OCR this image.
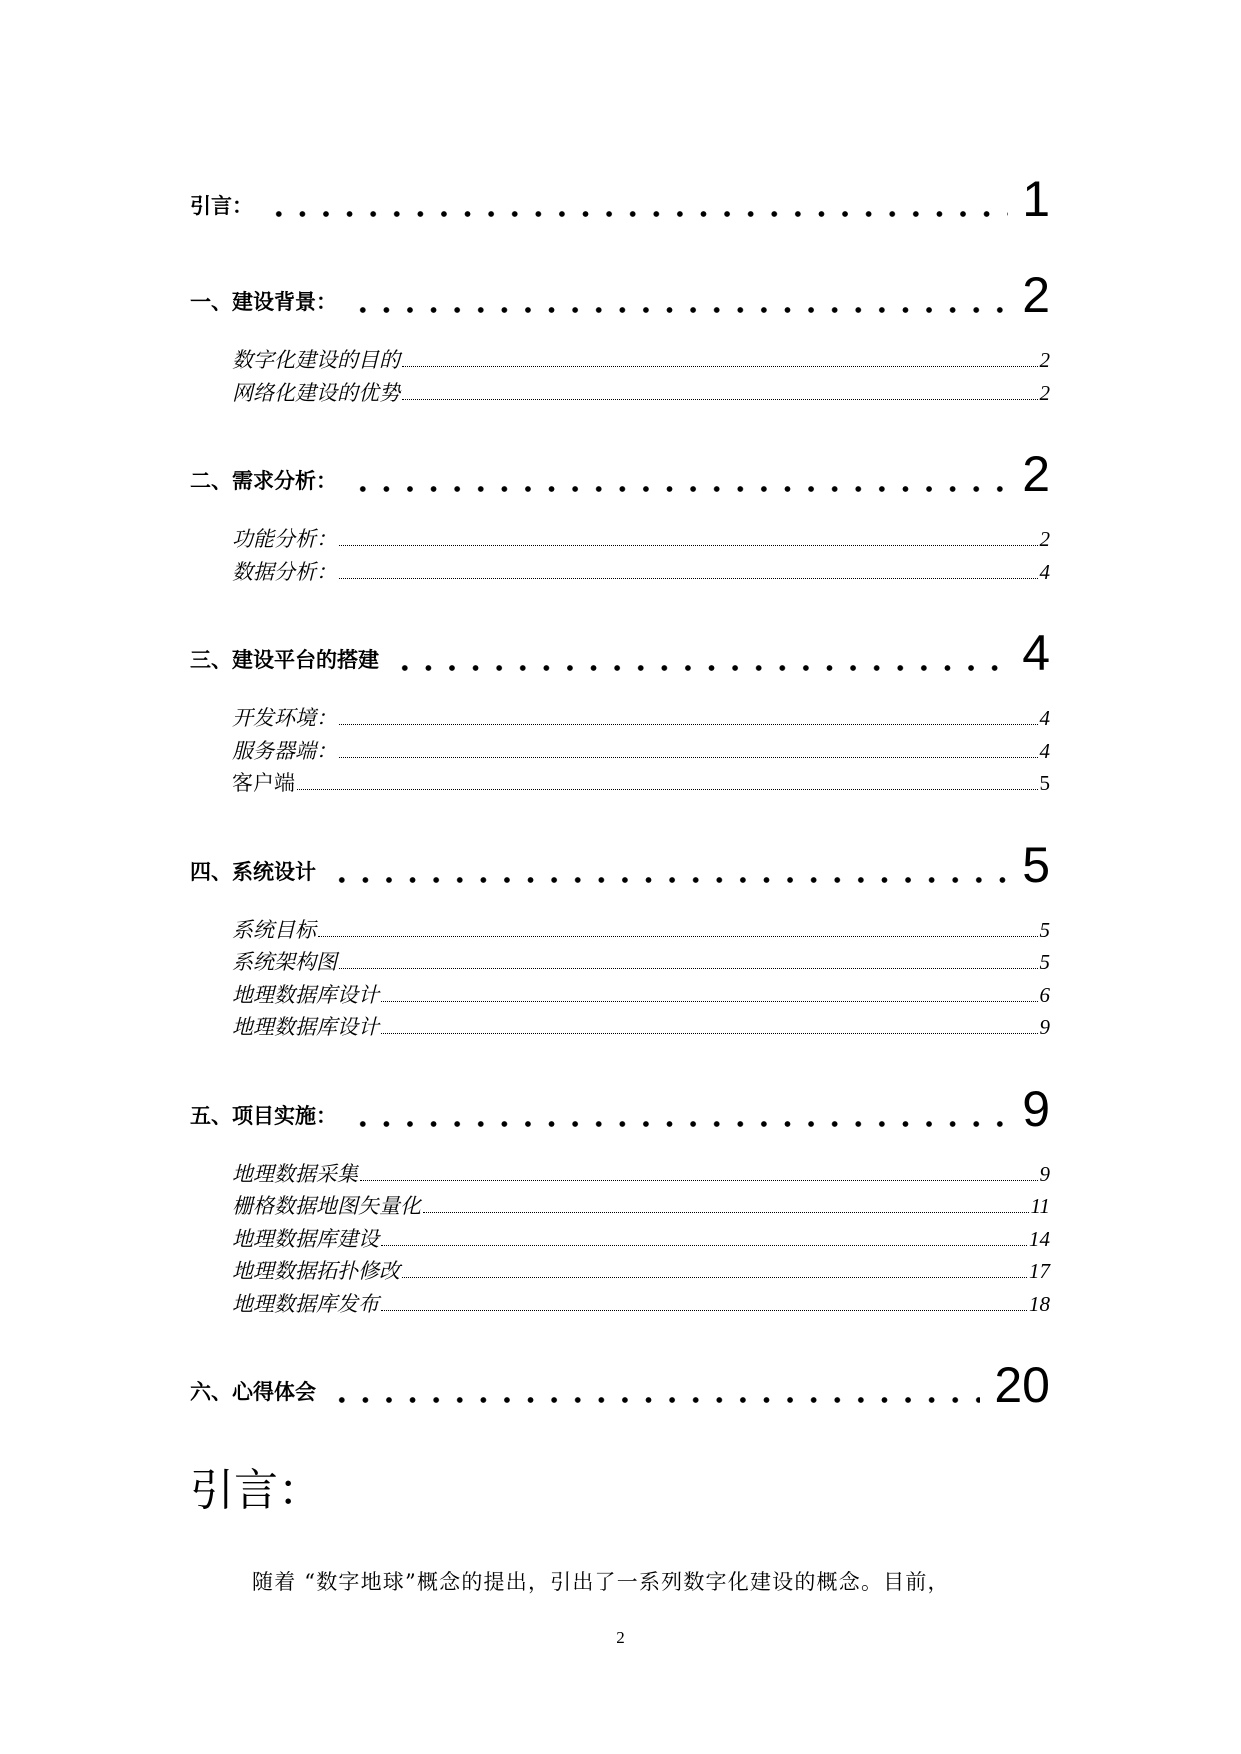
引言：	1
一、建设背景：	2
数字化建设的目的	2
网络化建设的优势	2
二、需求分析：	2
功能分析：	2
数据分析：	4
三、建设平台的搭建	4
开发环境：	4
服务器端：	4
客户端	5
四、系统设计	5
系统目标	5
系统架构图	5
地理数据库设计	6
地理数据库设计	9
五、项目实施：	9
地理数据采集	9
栅格数据地图矢量化	11
地理数据库建设	14
地理数据拓扑修改	17
地理数据库发布	18
六、心得体会	20
引言：
随着 “数字地球”概念的提出，引出了一系列数字化建设的概念。目前，
2
